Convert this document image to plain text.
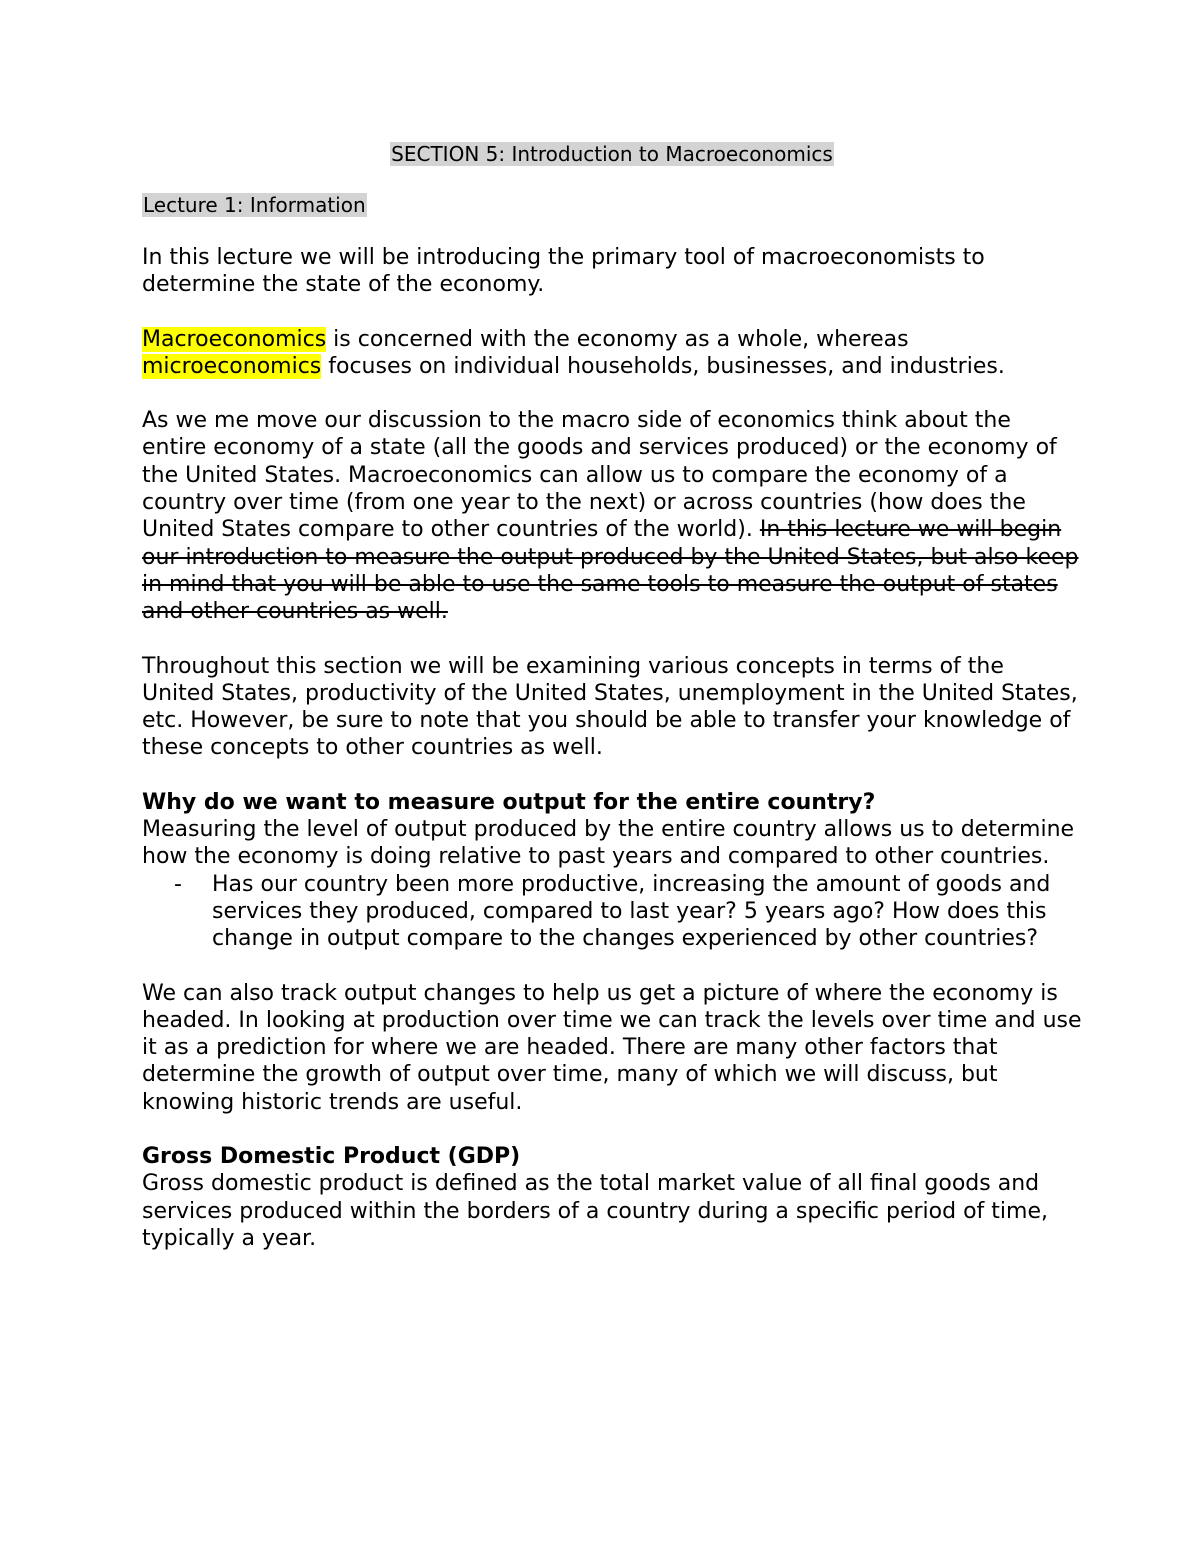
SECTION 5: Introduction to Macroeconomics

Lecture 1: Information

In this lecture we will be introducing the primary tool of macroeconomists to determine the state of the economy.

Macroeconomics is concerned with the economy as a whole, whereas microeconomics focuses on individual households, businesses, and industries.

As we me move our discussion to the macro side of economics think about the entire economy of a state (all the goods and services produced) or the economy of the United States. Macroeconomics can allow us to compare the economy of a country over time (from one year to the next) or across countries (how does the United States compare to other countries of the world). In this lecture we will begin our introduction to measure the output produced by the United States, but also keep in mind that you will be able to use the same tools to measure the output of states and other countries as well.

Throughout this section we will be examining various concepts in terms of the United States, productivity of the United States, unemployment in the United States, etc. However, be sure to note that you should be able to transfer your knowledge of these concepts to other countries as well.

Why do we want to measure output for the entire country?

Measuring the level of output produced by the entire country allows us to determine how the economy is doing relative to past years and compared to other countries.

- Has our country been more productive, increasing the amount of goods and services they produced, compared to last year? 5 years ago? How does this change in output compare to the changes experienced by other countries?

We can also track output changes to help us get a picture of where the economy is headed. In looking at production over time we can track the levels over time and use it as a prediction for where we are headed. There are many other factors that determine the growth of output over time, many of which we will discuss, but knowing historic trends are useful.

Gross Domestic Product (GDP)

Gross domestic product is defined as the total market value of all final goods and services produced within the borders of a country during a specific period of time, typically a year.
